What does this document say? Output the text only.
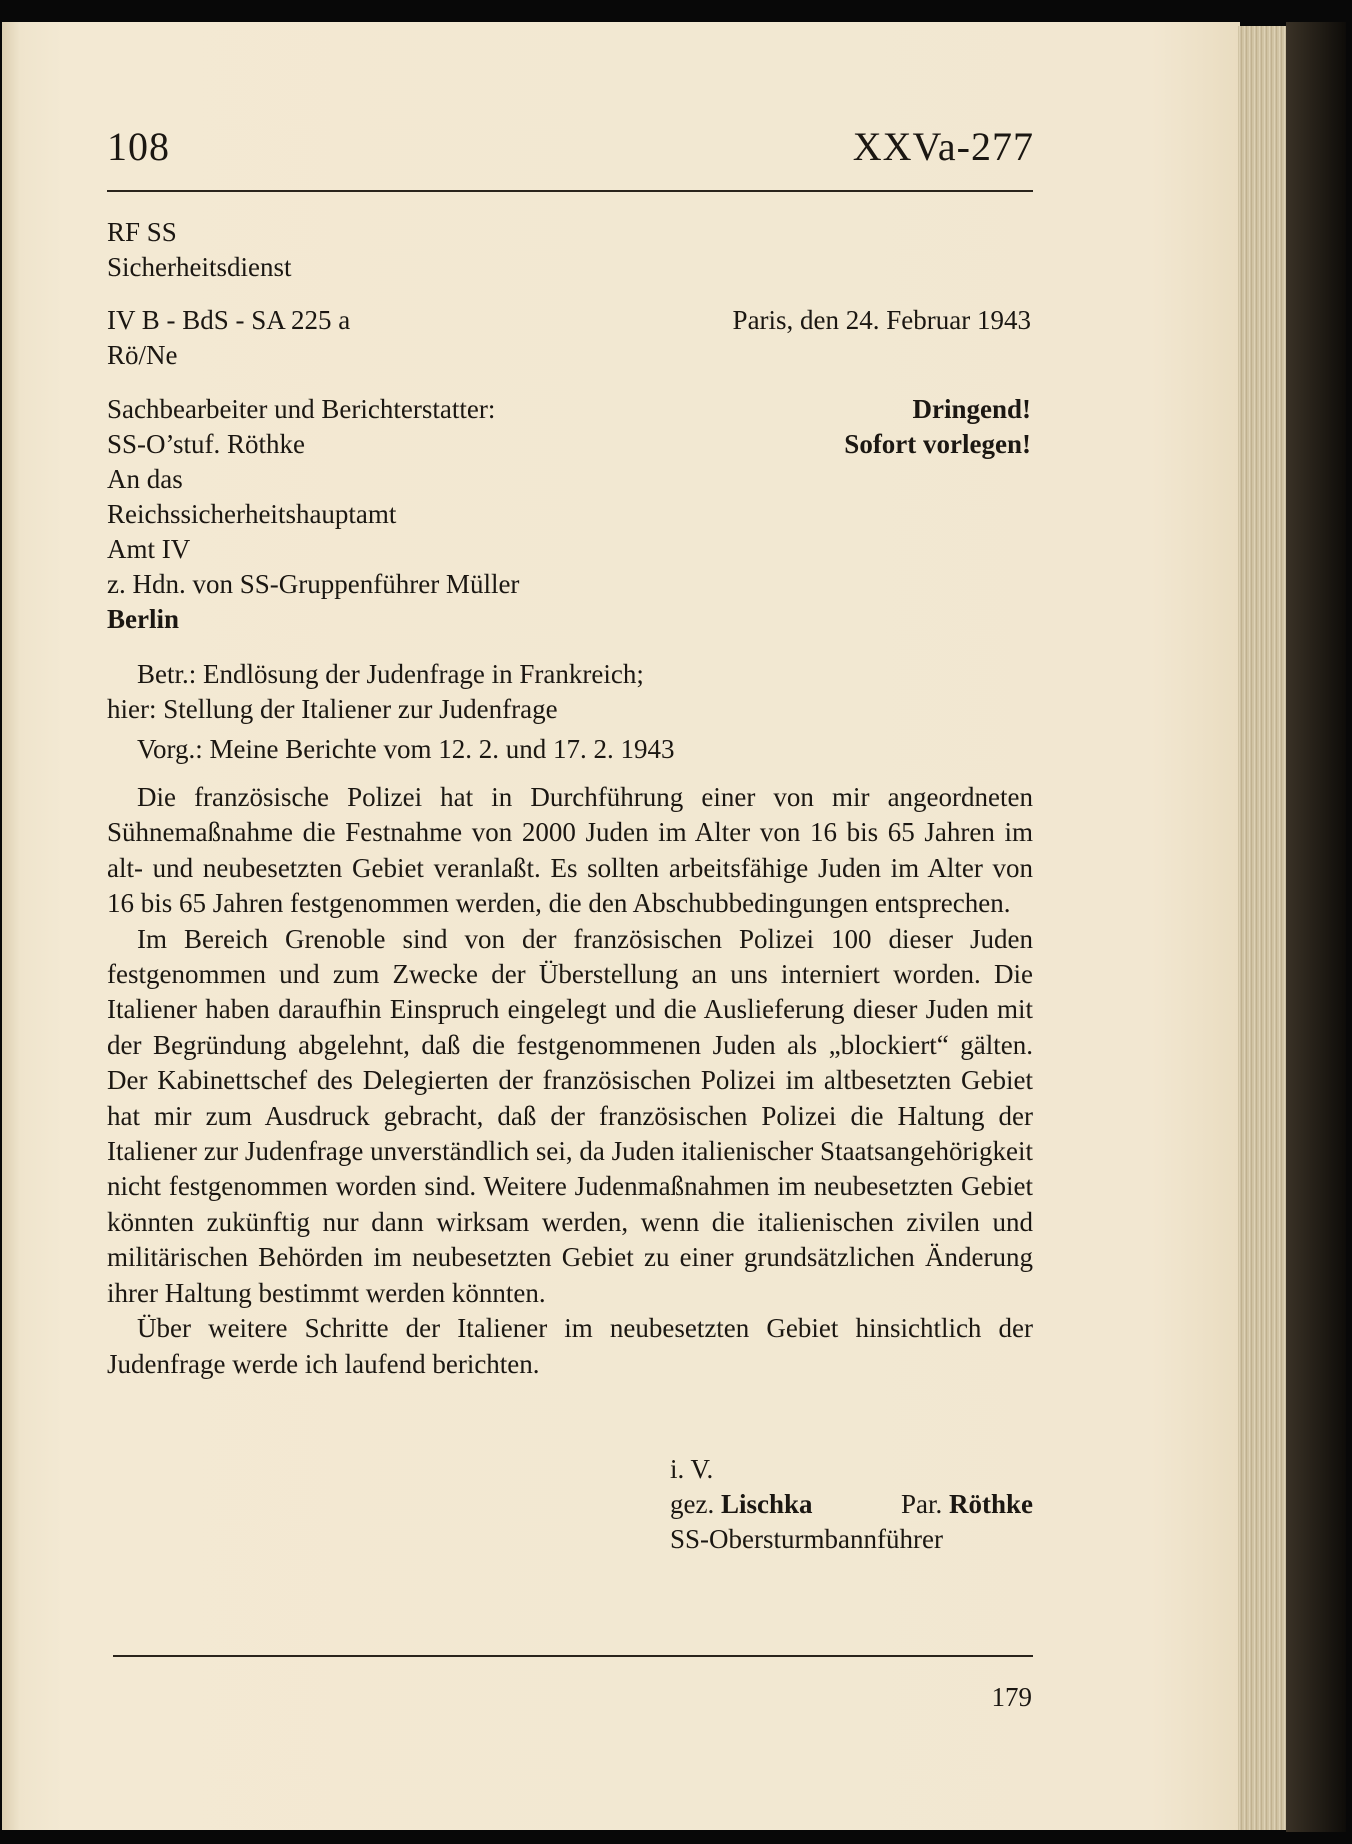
108	XXVa-277
RF SS
Sicherheitsdienst
IV B - BdS - SA 225 a	Paris, den 24. Februar 1943
Rö/Ne
Sachbearbeiter und Berichterstatter:	Dringend!
SS-O’stuf. Röthke	Sofort vorlegen!
An das
Reichssicherheitshauptamt
Amt IV
z. Hdn. von SS-Gruppenführer Müller
Berlin
Betr.: Endlösung der Judenfrage in Frankreich;
hier: Stellung der Italiener zur Judenfrage
Vorg.: Meine Berichte vom 12. 2. und 17. 2. 1943

Die französische Polizei hat in Durchführung einer von mir angeordneten Sühnemaßnahme die Festnahme von 2000 Juden im Alter von 16 bis 65 Jahren im alt- und neubesetzten Gebiet veranlaßt. Es sollten arbeitsfähige Juden im Alter von 16 bis 65 Jahren festgenommen werden, die den Abschubbedingungen entsprechen.

Im Bereich Grenoble sind von der französischen Polizei 100 dieser Juden festgenommen und zum Zwecke der Überstellung an uns interniert worden. Die Italiener haben daraufhin Einspruch eingelegt und die Auslieferung dieser Juden mit der Begründung abgelehnt, daß die festgenommenen Juden als „blockiert“ gälten. Der Kabinettschef des Delegierten der französischen Polizei im altbesetzten Gebiet hat mir zum Ausdruck gebracht, daß der französischen Polizei die Haltung der Italiener zur Judenfrage unverständlich sei, da Juden italienischer Staatsangehörigkeit nicht festgenommen worden sind. Weitere Judenmaßnahmen im neubesetzten Gebiet könnten zukünftig nur dann wirksam werden, wenn die italienischen zivilen und militärischen Behörden im neubesetzten Gebiet zu einer grundsätzlichen Änderung ihrer Haltung bestimmt werden könnten.

Über weitere Schritte der Italiener im neubesetzten Gebiet hinsichtlich der Judenfrage werde ich laufend berichten.

i. V.
gez. Lischka	Par. Röthke
SS-Obersturmbannführer
179
